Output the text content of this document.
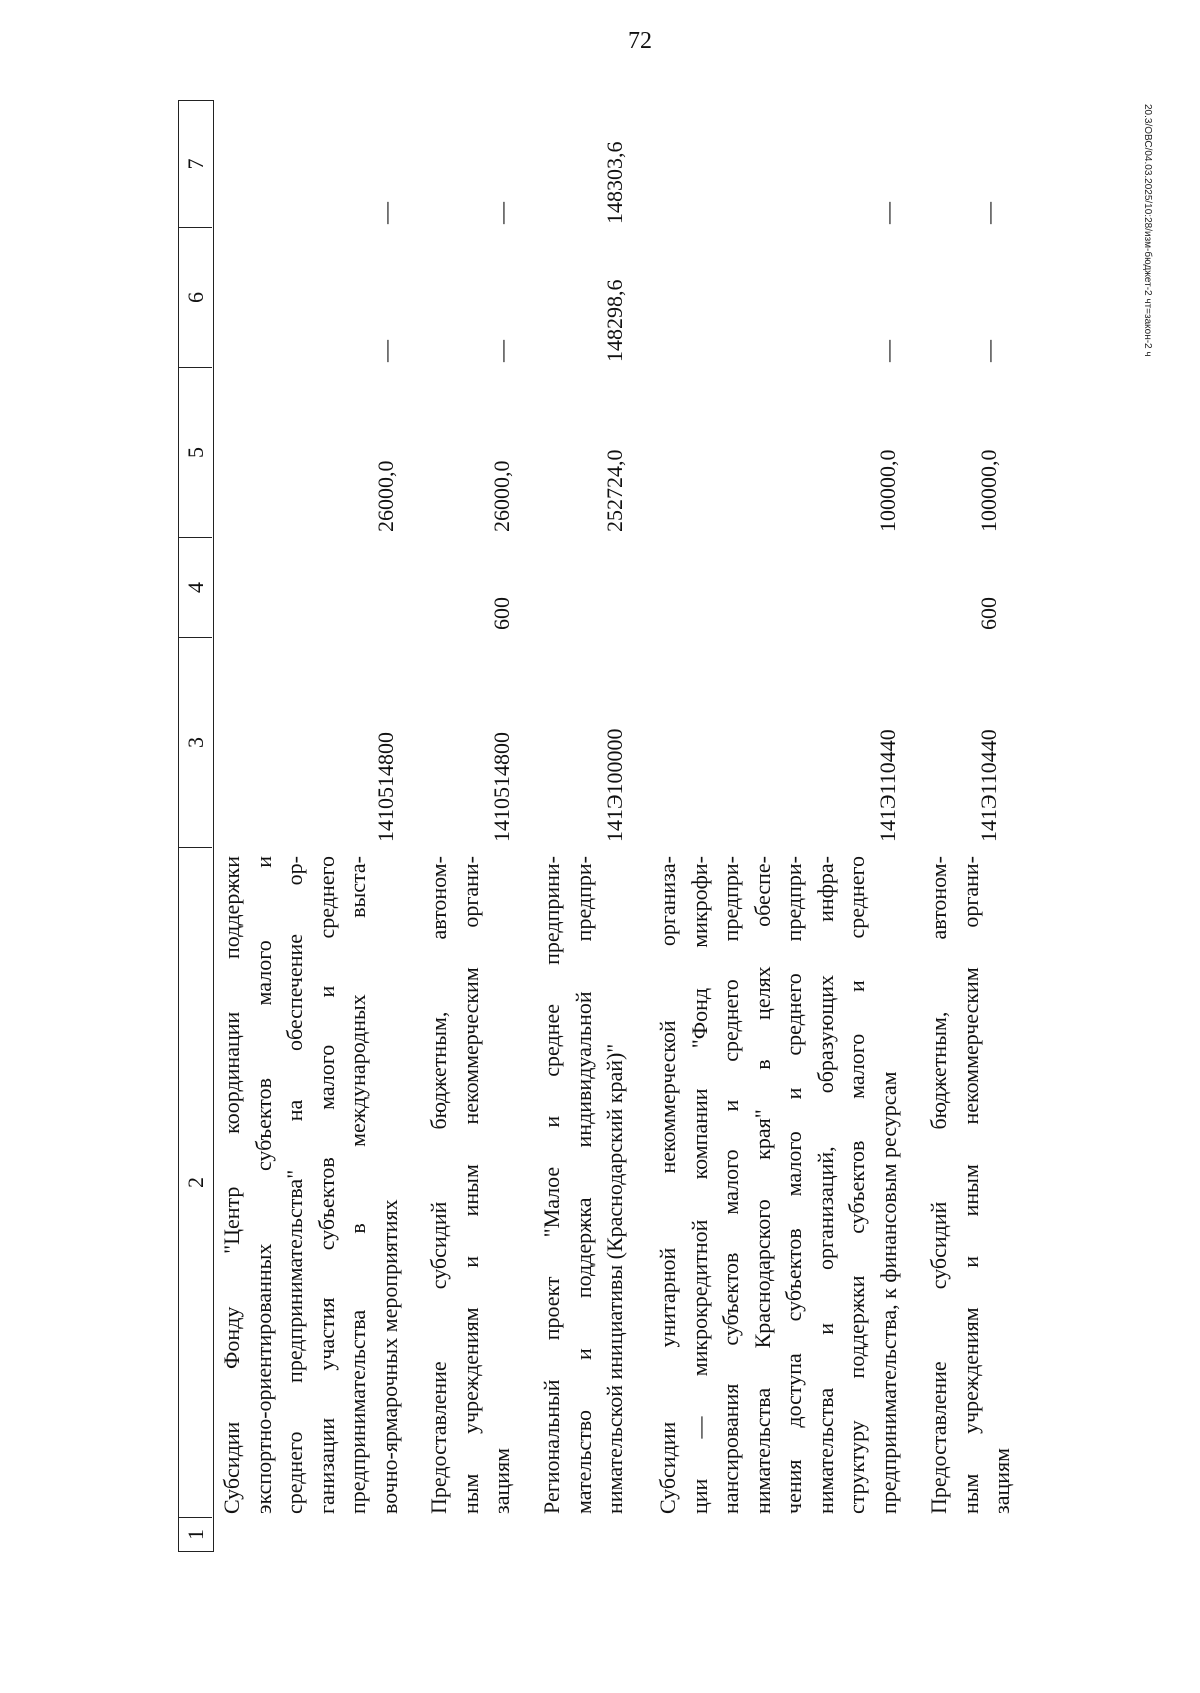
72
20.3/ОВС/04.03.2025/10:28/изм-бюджет-2 чт=закон-2 ч
1
2
3
4
5
6
7
Субсидии Фонду "Центр координации поддержки экспортно-ориентированных субъектов малого и среднего предпринимательства" на обеспечение ор- ганизации участия субъектов малого и среднего предпринимательства в международных выста- вочно-ярмарочных мероприятиях
1410514800
26000,0
—
—
Предоставление субсидий бюджетным, автоном- ным учреждениям и иным некоммерческим органи- зациям
1410514800
600
26000,0
—
—
Региональный проект "Малое и среднее предприни- мательство и поддержка индивидуальной предпри- нимательской инициативы (Краснодарский край)"
141Э100000
252724,0
148298,6
148303,6
Субсидии унитарной некоммерческой организа- ции — микрокредитной компании "Фонд микрофи- нансирования субъектов малого и среднего предпри- нимательства Краснодарского края" в целях обеспе- чения доступа субъектов малого и среднего предпри- нимательства и организаций, образующих инфра- структуру поддержки субъектов малого и среднего предпринимательства, к финансовым ресурсам
141Э110440
100000,0
—
—
Предоставление субсидий бюджетным, автоном- ным учреждениям и иным некоммерческим органи- зациям
141Э110440
600
100000,0
—
—
